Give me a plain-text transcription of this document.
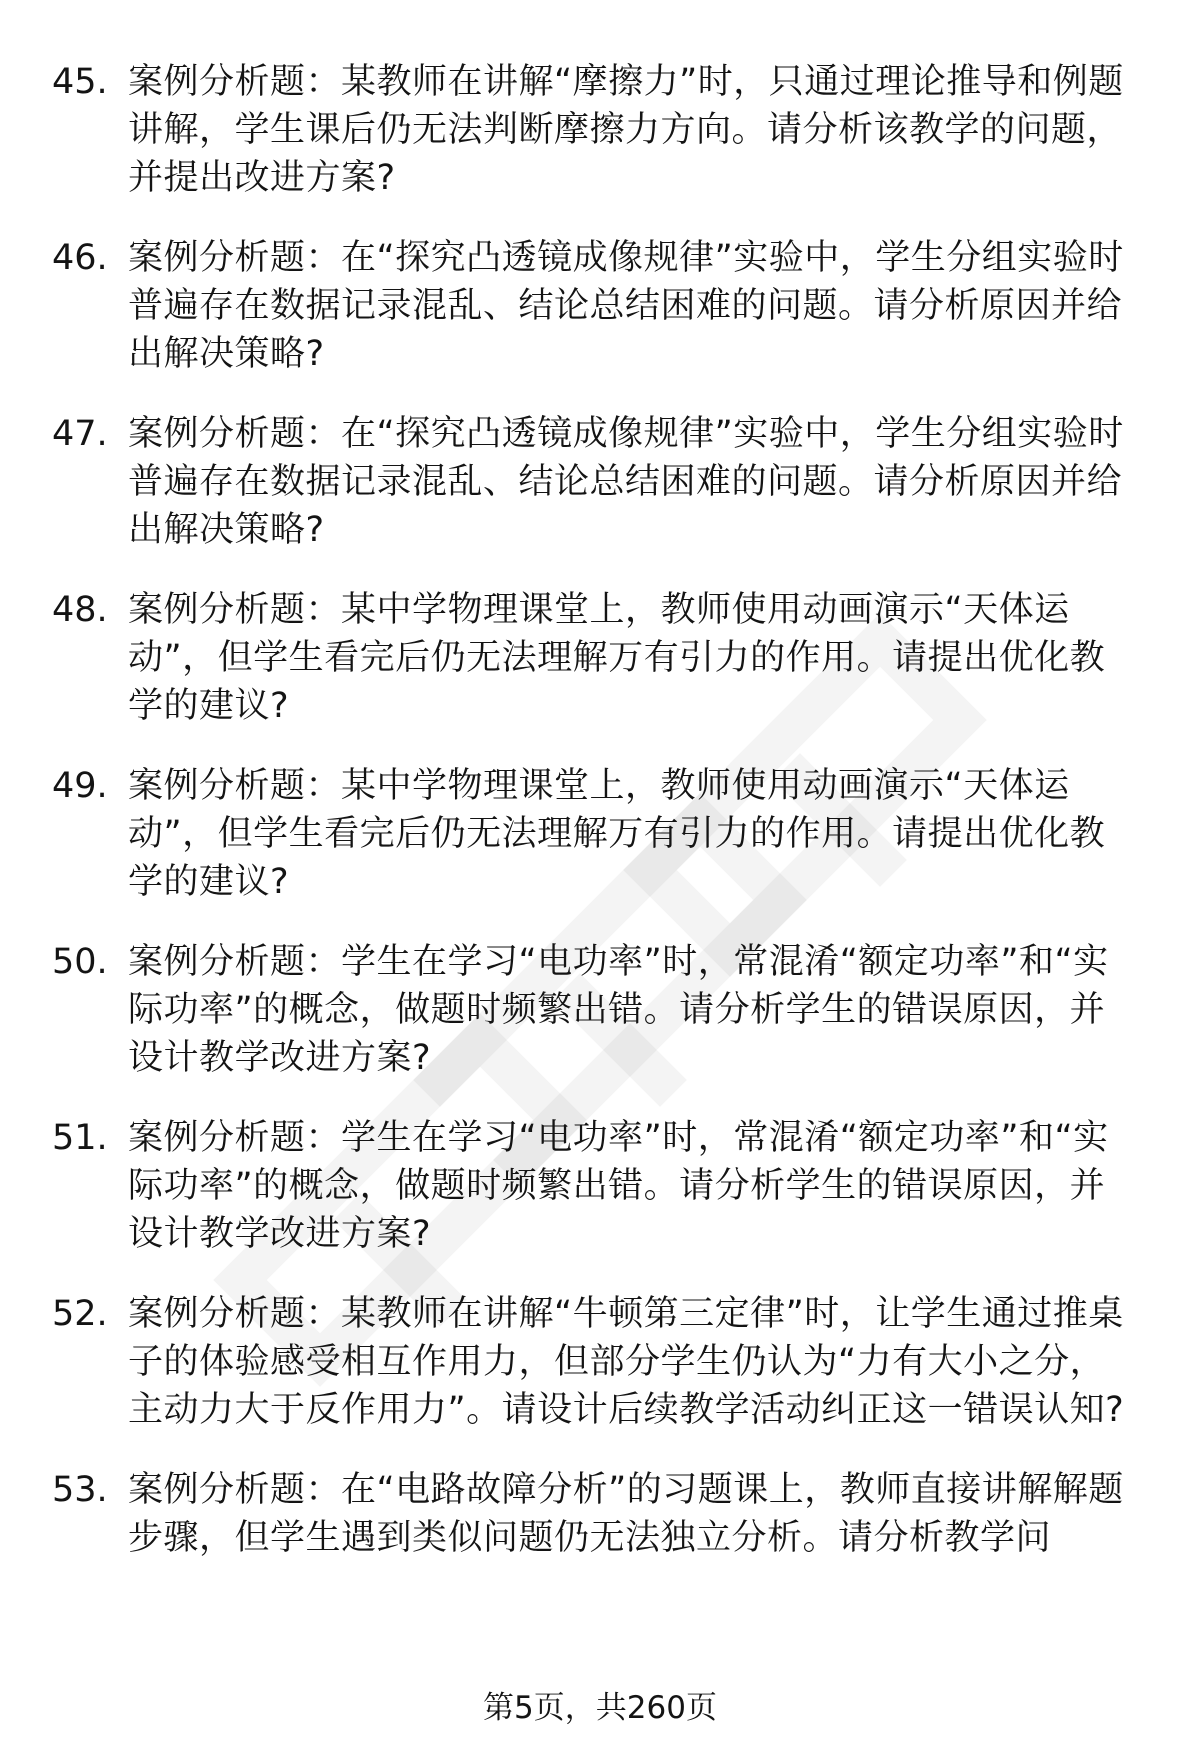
45. 案例分析题：某教师在讲解“摩擦力”时，只通过理论推导和例题讲解，学生课后仍无法判断摩擦力方向。请分析该教学的问题，并提出改进方案?
46. 案例分析题：在“探究凸透镜成像规律”实验中，学生分组实验时普遍存在数据记录混乱、结论总结困难的问题。请分析原因并给出解决策略?
47. 案例分析题：在“探究凸透镜成像规律”实验中，学生分组实验时普遍存在数据记录混乱、结论总结困难的问题。请分析原因并给出解决策略?
48. 案例分析题：某中学物理课堂上，教师使用动画演示“天体运动”，但学生看完后仍无法理解万有引力的作用。请提出优化教学的建议?
49. 案例分析题：某中学物理课堂上，教师使用动画演示“天体运动”，但学生看完后仍无法理解万有引力的作用。请提出优化教学的建议?
50. 案例分析题：学生在学习“电功率”时，常混淆“额定功率”和“实际功率”的概念，做题时频繁出错。请分析学生的错误原因，并设计教学改进方案?
51. 案例分析题：学生在学习“电功率”时，常混淆“额定功率”和“实际功率”的概念，做题时频繁出错。请分析学生的错误原因，并设计教学改进方案?
52. 案例分析题：某教师在讲解“牛顿第三定律”时，让学生通过推桌子的体验感受相互作用力，但部分学生仍认为“力有大小之分，主动力大于反作用力”。请设计后续教学活动纠正这一错误认知?
53. 案例分析题：在“电路故障分析”的习题课上，教师直接讲解解题步骤，但学生遇到类似问题仍无法独立分析。请分析教学问
第5页，共260页
